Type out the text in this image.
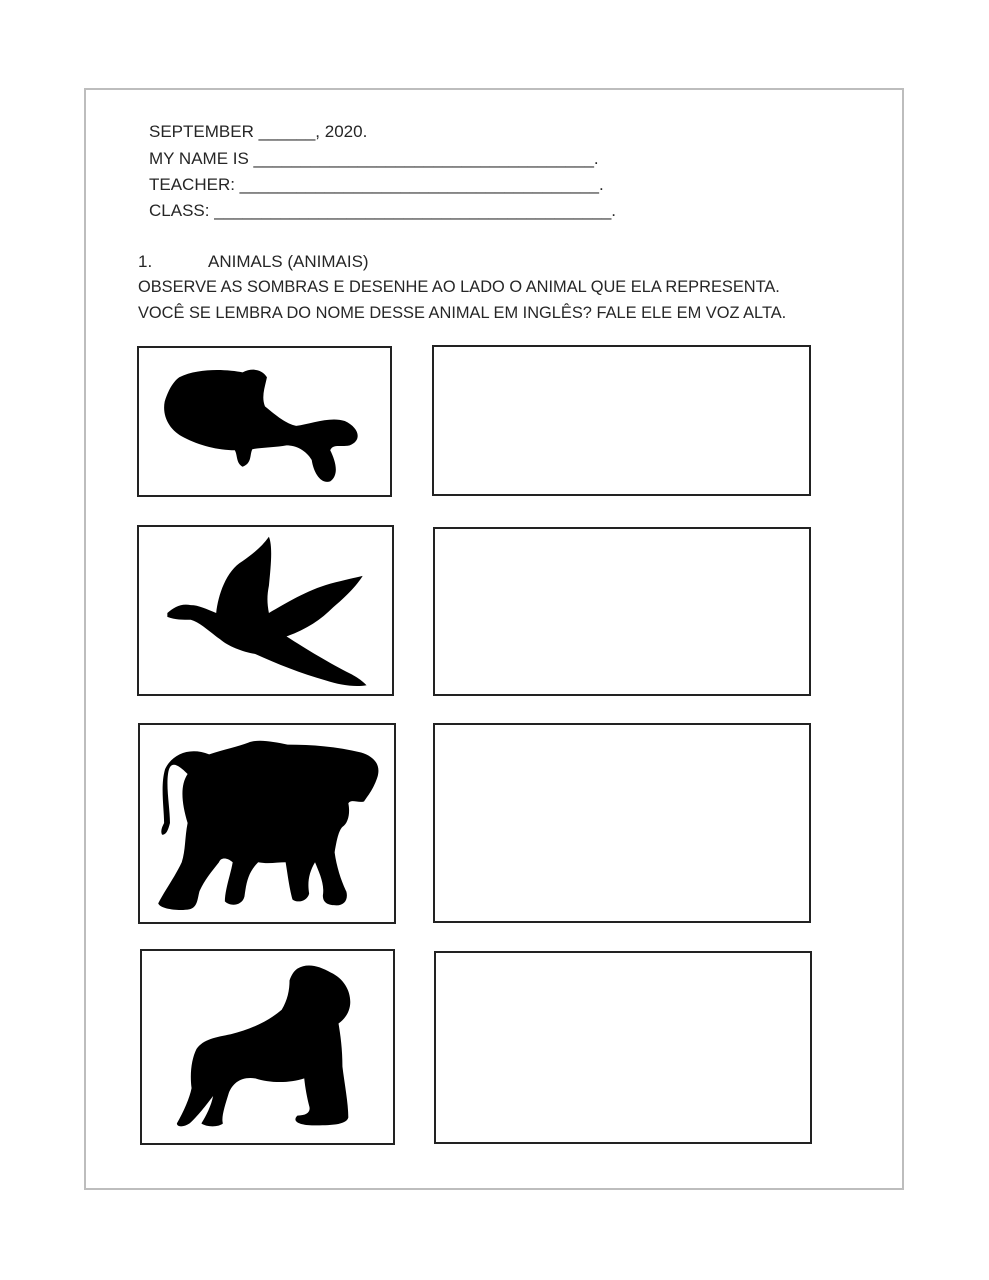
SEPTEMBER ______, 2020.
MY NAME IS ____________________________________.
TEACHER: ______________________________________.
CLASS: __________________________________________.
1.	ANIMALS (ANIMAIS)
OBSERVE AS SOMBRAS E DESENHE AO LADO O ANIMAL QUE ELA REPRESENTA.
VOCÊ SE LEMBRA DO NOME DESSE ANIMAL EM INGLÊS? FALE ELE EM VOZ ALTA.
